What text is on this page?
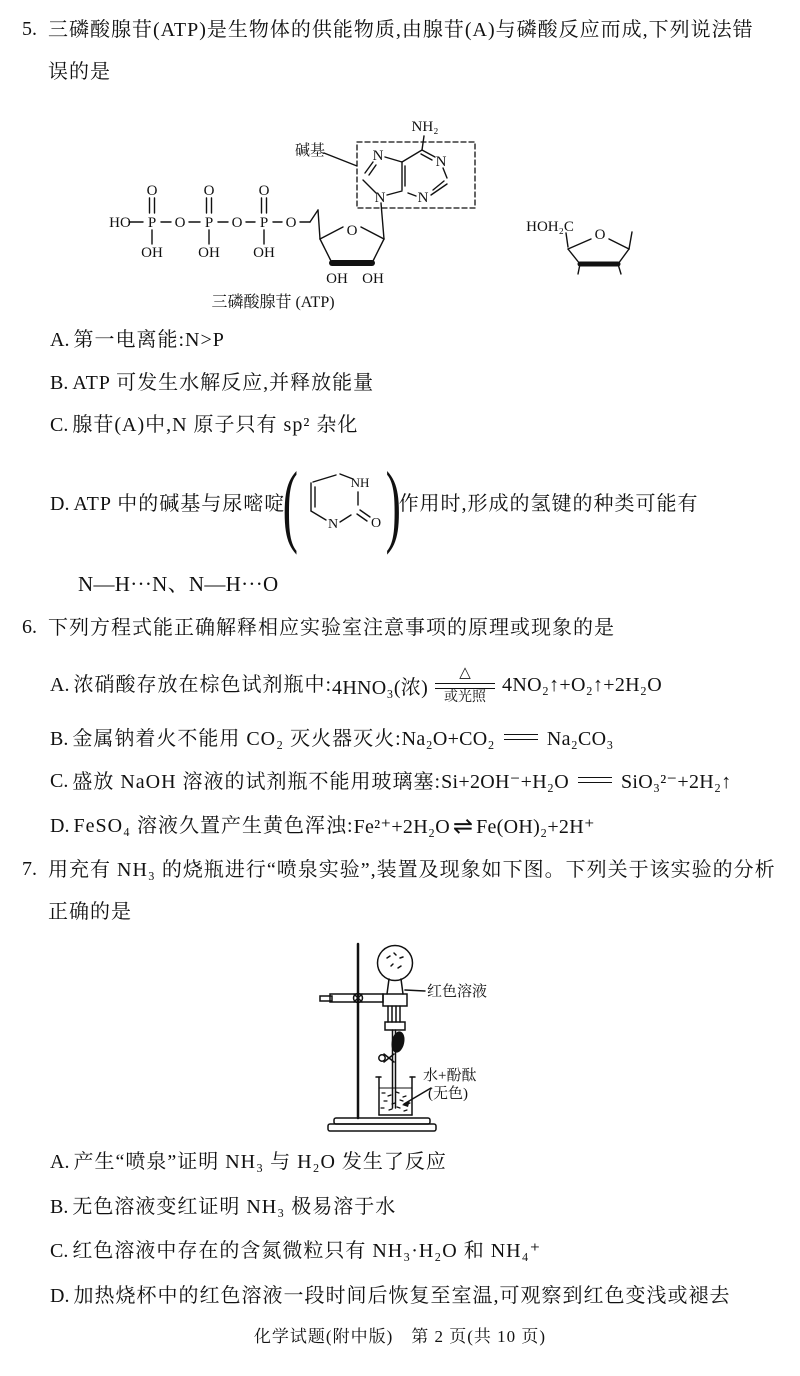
5. 三磷酸腺苷(ATP)是生物体的供能物质,由腺苷(A)与磷酸反应而成,下列说法错
误的是
HO P	P	P
O	O	O
O	O	O
OH OH OH
O
OH OH
N
N
N
N
NH₂
HOH₂C O
碱基
三磷酸腺苷 (ATP)
A. 第一电离能:N>P
B. ATP 可发生水解反应,并释放能量
C. 腺苷(A)中,N 原子只有 sp² 杂化
D. ATP 中的碱基与尿嘧啶
(	NH
N O )
作用时,形成的氢键的种类可能有
N—H···N、N—H···O
6. 下列方程式能正确解释相应实验室注意事项的原理或现象的是
A. 浓硝酸存放在棕色试剂瓶中: 4HNO₃(浓)
△
或光照
4NO₂↑+O₂↑+2H₂O
B. 金属钠着火不能用 CO₂ 灭火器灭火: Na₂O+CO₂	Na₂CO₃
C. 盛放 NaOH 溶液的试剂瓶不能用玻璃塞: Si+2OH⁻+H₂O	SiO₃²⁻+2H₂↑
D. FeSO₄ 溶液久置产生黄色浑浊: Fe²⁺+2H₂O ⇌ Fe(OH)₂+2H⁺
7. 用充有 NH₃ 的烧瓶进行“喷泉实验”,装置及现象如下图。下列关于该实验的分析
正确的是
红色溶液
水+酚酞
(无色)
A. 产生“喷泉”证明 NH₃ 与 H₂O 发生了反应
B. 无色溶液变红证明 NH₃ 极易溶于水
C. 红色溶液中存在的含氮微粒只有 NH₃·H₂O 和 NH₄⁺
D. 加热烧杯中的红色溶液一段时间后恢复至室温,可观察到红色变浅或褪去
化学试题(附中版)　第 2 页(共 10 页)
